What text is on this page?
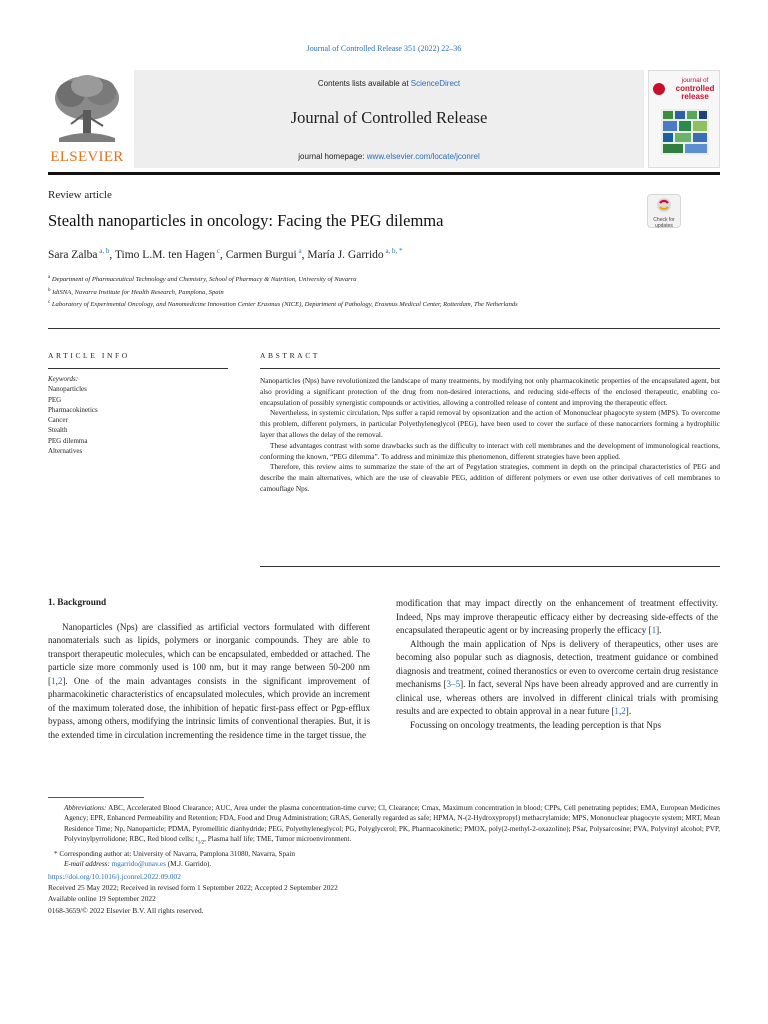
Journal of Controlled Release 351 (2022) 22–36
ELSEVIER
Contents lists available at ScienceDirect
Journal of Controlled Release
journal homepage: www.elsevier.com/locate/jconrel
journal of
controlled
release
Review article
Stealth nanoparticles in oncology: Facing the PEG dilemma	Check for
updates
Sara Zalba $^{a, b}$, Timo L.M. ten Hagen $^c$, Carmen Burgui $^a$, María J. Garrido $^{a, b, *}$
$^a$ Department of Pharmaceutical Technology and Chemistry, School of Pharmacy & Nutrition, University of Navarra
$^b$ IdiSNA, Navarra Institute for Health Research, Pamplona, Spain
$^c$ Laboratory of Experimental Oncology, and Nanomedicine Innovation Center Erasmus (NICE), Department of Pathology, Erasmus Medical Center, Rotterdam, The Netherlands
ARTICLE INFO	ABSTRACT
Keywords:
Nanoparticles
PEG
Pharmacokinetics
Cancer
Stealth
PEG dilemma
Alternatives

Nanoparticles (Nps) have revolutionized the landscape of many treatments, by modifying not only pharmacokinetic properties of the encapsulated agent, but also providing a significant protection of the drug from non-desired interactions, and reducing side-effects of the enclosed therapeutic, enabling co-encapsulation of possibly synergistic compounds or activities, allowing a controlled release of content and improving the therapeutic effect.

Nevertheless, in systemic circulation, Nps suffer a rapid removal by opsonization and the action of Mononuclear phagocyte system (MPS). To overcome this problem, different polymers, in particular Polyethyleneglycol (PEG), have been used to cover the surface of these nanocarriers forming a hydrophilic layer that allows the delay of the removal.

These advantages contrast with some drawbacks such as the difficulty to interact with cell membranes and the development of immunological reactions, conforming the known, “PEG dilemma”. To address and minimize this phenomenon, different strategies have been applied.

Therefore, this review aims to summarize the state of the art of Pegylation strategies, comment in depth on the principal characteristics of PEG and describe the main alternatives, which are the use of cleavable PEG, addition of different polymers or even use other derivatives of cell membranes to camouflage Nps.

1. Background

Nanoparticles (Nps) are classified as artificial vectors formulated with different nanomaterials such as lipids, polymers or inorganic compounds. They are able to transport therapeutic molecules, which can be encapsulated, embedded or attached. The particle size more commonly used is 100 nm, but it may range between 50-200 nm [1,2]. One of the main advantages consists in the significant improvement of pharmacokinetic characteristics of encapsulated molecules, which provide an increment of the maximum tolerated dose, the inhibition of hepatic first-pass effect or Pgp-efflux bypass, among others, modifying the intrinsic limits of conventional therapies. But, it is the extended time in circulation incrementing the residence time in the target tissue, the

modification that may impact directly on the enhancement of treatment effectivity. Indeed, Nps may improve therapeutic efficacy either by decreasing side-effects of the encapsulated therapeutic agent or by increasing properly the efficacy [1].

Although the main application of Nps is delivery of therapeutics, other uses are becoming also popular such as diagnosis, detection, treatment guidance or combined diagnosis and treatment, coined theranostics or even to overcome certain drug resistance mechanisms [3–5]. In fact, several Nps have been already approved and are currently in clinical use, whereas others are involved in different clinical trials with promising results and are expected to obtain approval in a near future [1,2].

Focussing on oncology treatments, the leading perception is that Nps

Abbreviations: ABC, Accelerated Blood Clearance; AUC, Area under the plasma concentration-time curve; Cl, Clearance; Cmax, Maximum concentration in blood; CPPs, Cell penetrating peptides; EMA, European Medicines Agency; EPR, Enhanced Permeability and Retention; FDA, Food and Drug Administration; GRAS, Generally regarded as safe; HPMA, N-(2-Hydroxypropyl) methacrylamide; MPS, Mononuclear phagocyte system; MRT, Mean Residence Time; Np, Nanoparticle; PDMA, Pyromellitic dianhydride; PEG, Polyethyleneglycol; PG, Polyglycerol; PK, Pharmacokinetic; PMOX, poly(2-methyl-2-oxazoline); PSar, Polysarcosine; PVA, Polyvinyl alcohol; PVP, Polyvinylpyrrolidone; RBC, Red blood cells; $t_{1/2}$, Plasma half life; TME, Tumor microenvironment.

* Corresponding author at: University of Navarra, Pamplona 31080, Navarra, Spain

E-mail address: mgarrido@unav.es (M.J. Garrido).

https://doi.org/10.1016/j.jconrel.2022.09.002

Received 25 May 2022; Received in revised form 1 September 2022; Accepted 2 September 2022

Available online 19 September 2022

0168-3659/© 2022 Elsevier B.V. All rights reserved.
